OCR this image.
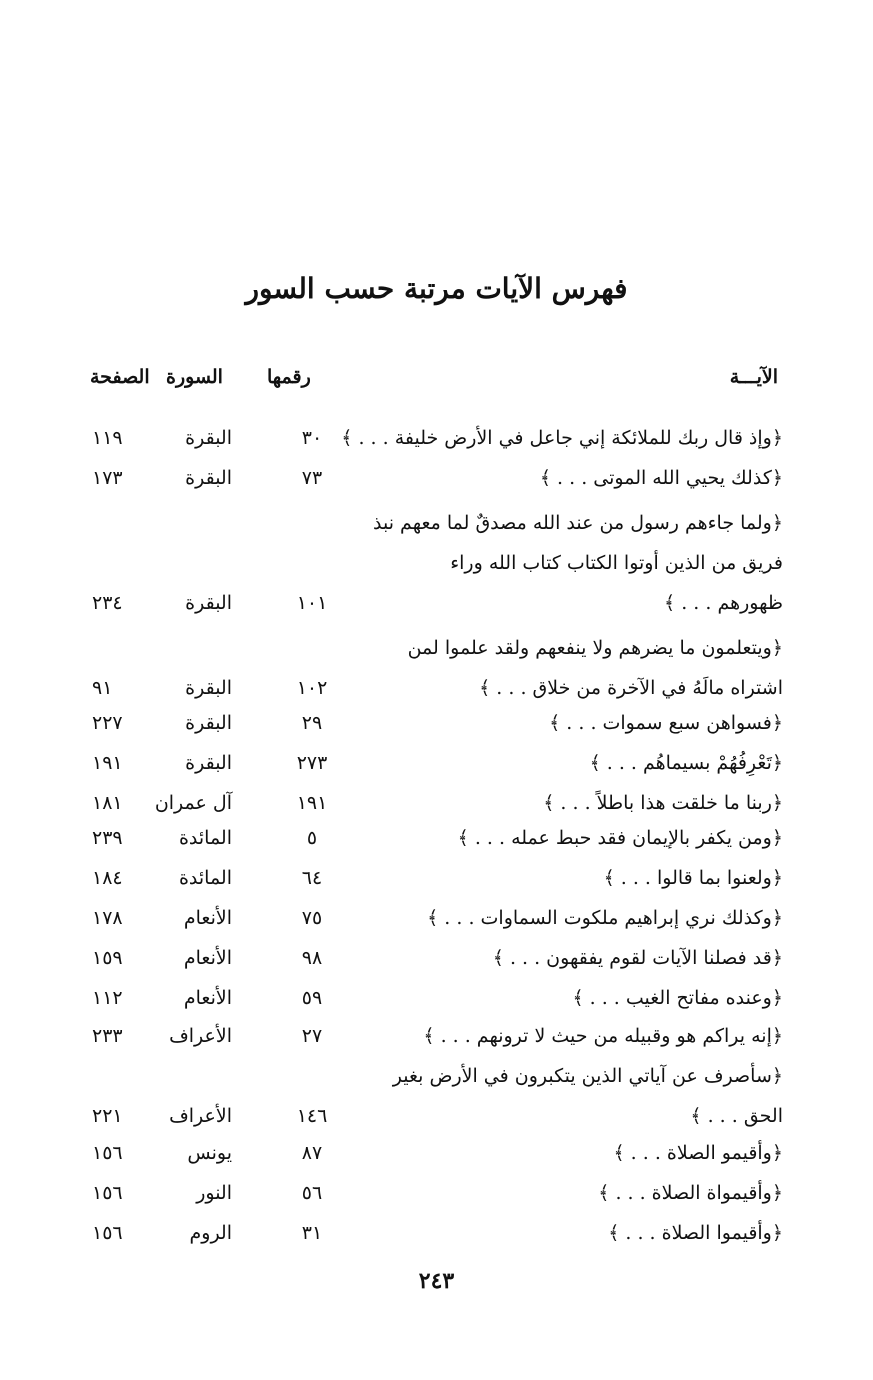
فهرس الآيات مرتبة حسب السور
الآيـــة
رقمها
السورة
الصفحة
﴿وإذ قال ربك للملائكة إني جاعل في الأرض خليفة . . . ﴾
٣٠
البقرة
١١٩
﴿كذلك يحيي الله الموتى . . . ﴾
٧٣
البقرة
١٧٣
﴿ولما جاءهم رسول من عند الله مصدقٌ لما معهم نبذ
فريق من الذين أوتوا الكتاب كتاب الله وراء
ظهورهم . . . ﴾
١٠١
البقرة
٢٣٤
﴿ويتعلمون ما يضرهم ولا ينفعهم ولقد علموا لمن
اشتراه مالَهُ في الآخرة من خلاق . . . ﴾
١٠٢
البقرة
٩١
﴿فسواهن سبع سموات . . . ﴾
٢٩
البقرة
٢٢٧
﴿تَعْرِفُهُمْ بسيماهُم . . . ﴾
٢٧٣
البقرة
١٩١
﴿ربنا ما خلقت هذا باطلاً . . . ﴾
١٩١
آل عمران
١٨١
﴿ومن يكفر بالإيمان فقد حبط عمله . . . ﴾
٥
المائدة
٢٣٩
﴿ولعنوا بما قالوا . . . ﴾
٦٤
المائدة
١٨٤
﴿وكذلك نري إبراهيم ملكوت السماوات . . . ﴾
٧٥
الأنعام
١٧٨
﴿قد فصلنا الآيات لقوم يفقهون . . . ﴾
٩٨
الأنعام
١٥٩
﴿وعنده مفاتح الغيب . . . ﴾
٥٩
الأنعام
١١٢
﴿إنه يراكم هو وقبيله من حيث لا ترونهم . . . ﴾
٢٧
الأعراف
٢٣٣
﴿سأصرف عن آياتي الذين يتكبرون في الأرض بغير
الحق . . . ﴾
١٤٦
الأعراف
٢٢١
﴿وأقيمو الصلاة . . . ﴾
٨٧
يونس
١٥٦
﴿وأقيمواة الصلاة . . . ﴾
٥٦
النور
١٥٦
﴿وأقيموا الصلاة . . . ﴾
٣١
الروم
١٥٦
٢٤٣
